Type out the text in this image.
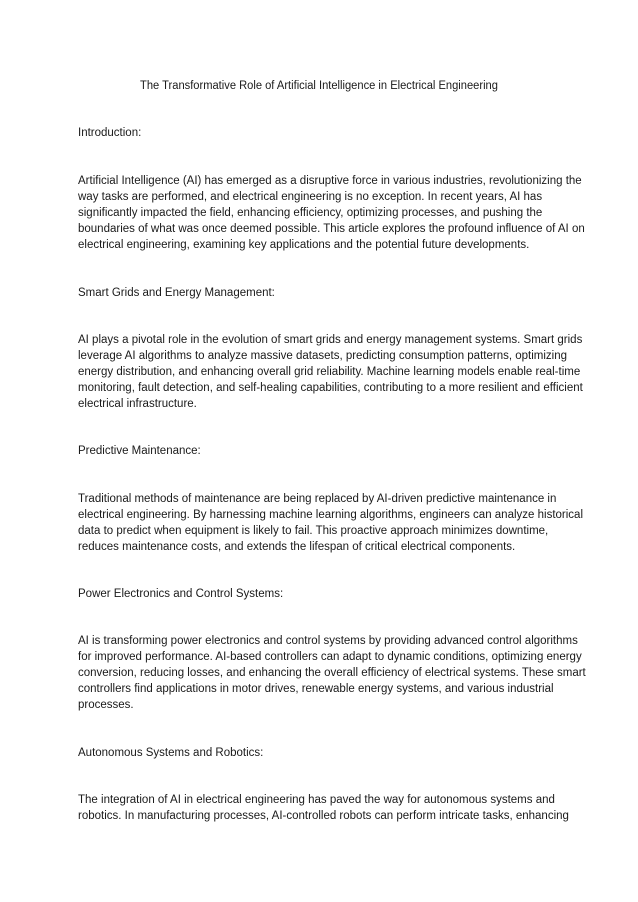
The Transformative Role of Artificial Intelligence in Electrical Engineering
Introduction:
Artificial Intelligence (AI) has emerged as a disruptive force in various industries, revolutionizing the
way tasks are performed, and electrical engineering is no exception. In recent years, AI has
significantly impacted the field, enhancing efficiency, optimizing processes, and pushing the
boundaries of what was once deemed possible. This article explores the profound influence of AI on
electrical engineering, examining key applications and the potential future developments.
Smart Grids and Energy Management:
AI plays a pivotal role in the evolution of smart grids and energy management systems. Smart grids
leverage AI algorithms to analyze massive datasets, predicting consumption patterns, optimizing
energy distribution, and enhancing overall grid reliability. Machine learning models enable real-time
monitoring, fault detection, and self-healing capabilities, contributing to a more resilient and efficient
electrical infrastructure.
Predictive Maintenance:
Traditional methods of maintenance are being replaced by AI-driven predictive maintenance in
electrical engineering. By harnessing machine learning algorithms, engineers can analyze historical
data to predict when equipment is likely to fail. This proactive approach minimizes downtime,
reduces maintenance costs, and extends the lifespan of critical electrical components.
Power Electronics and Control Systems:
AI is transforming power electronics and control systems by providing advanced control algorithms
for improved performance. AI-based controllers can adapt to dynamic conditions, optimizing energy
conversion, reducing losses, and enhancing the overall efficiency of electrical systems. These smart
controllers find applications in motor drives, renewable energy systems, and various industrial
processes.
Autonomous Systems and Robotics:
The integration of AI in electrical engineering has paved the way for autonomous systems and
robotics. In manufacturing processes, AI-controlled robots can perform intricate tasks, enhancing
